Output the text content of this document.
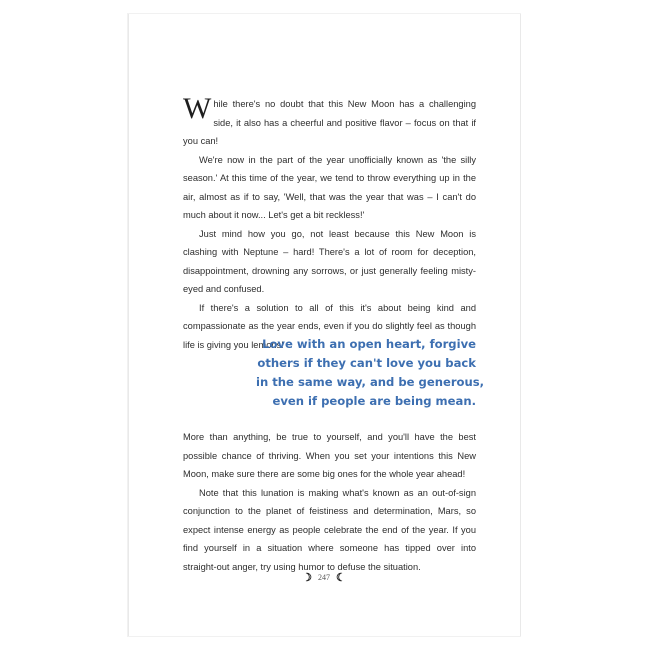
While there's no doubt that this New Moon has a challenging side, it also has a cheerful and positive flavor – focus on that if you can!

We're now in the part of the year unofficially known as 'the silly season.' At this time of the year, we tend to throw everything up in the air, almost as if to say, 'Well, that was the year that was – I can't do much about it now... Let's get a bit reckless!'

Just mind how you go, not least because this New Moon is clashing with Neptune – hard! There's a lot of room for deception, disappointment, drowning any sorrows, or just generally feeling misty-eyed and confused.

If there's a solution to all of this it's about being kind and compassionate as the year ends, even if you do slightly feel as though life is giving you lemons!

Love with an open heart, forgive
others if they can't love you back
in the same way, and be generous,
even if people are being mean.

More than anything, be true to yourself, and you'll have the best possible chance of thriving. When you set your intentions this New Moon, make sure there are some big ones for the whole year ahead!

Note that this lunation is making what's known as an out-of-sign conjunction to the planet of feistiness and determination, Mars, so expect intense energy as people celebrate the end of the year. If you find yourself in a situation where someone has tipped over into straight-out anger, try using humor to defuse the situation.

☽ 247 ☾
